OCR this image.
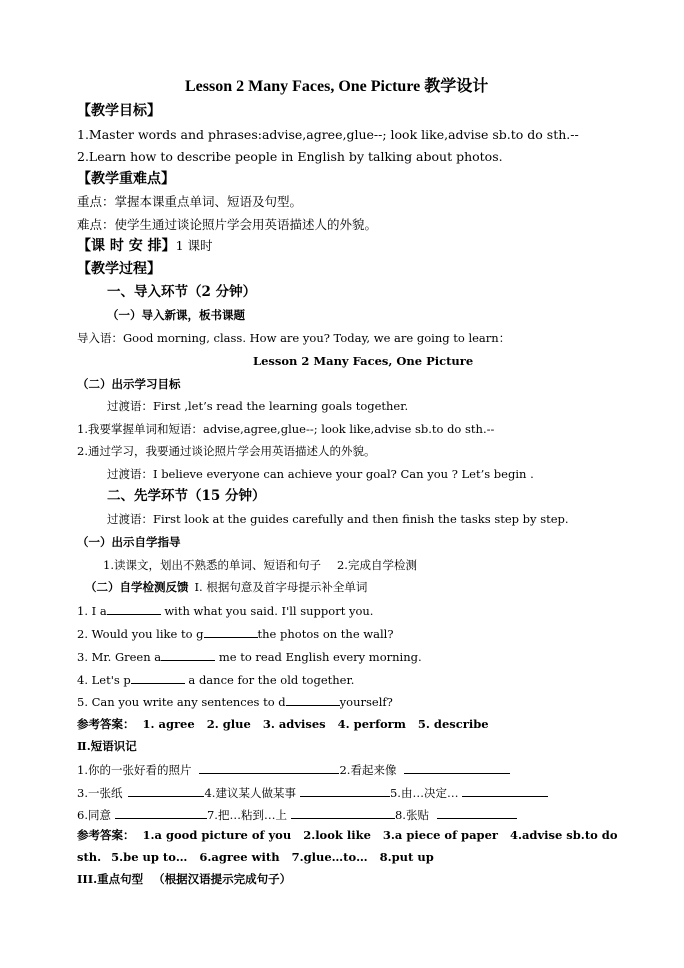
Lesson 2 Many Faces, One Picture 教学设计
【教学目标】
1.Master words and phrases:advise,agree,glue--; look like,advise sb.to do sth.--
2.Learn how to describe people in English by talking about photos.
【教学重难点】
重点：掌握本课重点单词、短语及句型。
难点：使学生通过谈论照片学会用英语描述人的外貌。
【课 时 安 排】1 课时
【教学过程】
一、导入环节（2 分钟）
（一）导入新课，板书课题
导入语：Good morning, class. How are you? Today, we are going to learn：
Lesson 2 Many Faces, One Picture
（二）出示学习目标
过渡语：First ,let’s read the learning goals together.
1.我要掌握单词和短语：advise,agree,glue--; look like,advise sb.to do sth.--
2.通过学习，我要通过谈论照片学会用英语描述人的外貌。
过渡语：I believe everyone can achieve your goal? Can you ? Let’s begin .
二、先学环节（15 分钟）
过渡语：First look at the guides carefully and then finish the tasks step by step.
（一）出示自学指导
1.读课文，划出不熟悉的单词、短语和句子 2.完成自学检测
（二）自学检测反馈 I. 根据句意及首字母提示补全单词
1. I a	with what you said. I'll support you.
2. Would you like to g	the photos on the wall?
3. Mr. Green a	me to read English every morning.
4. Let's p	a dance for the old together.
5. Can you write any sentences to d	yourself?
参考答案： 1. agree 2. glue 3. advises 4. perform 5. describe
Ⅱ.短语识记
1.你的一张好看的照片	2.看起来像
3.一张纸	4.建议某人做某事	5.由…决定…
6.同意	7.把…粘到…上	8.张贴
参考答案： 1.a good picture of you 2.look like 3.a piece of paper 4.advise sb.to do
sth. 5.be up to… 6.agree with 7.glue…to… 8.put up
III.重点句型 （根据汉语提示完成句子）
